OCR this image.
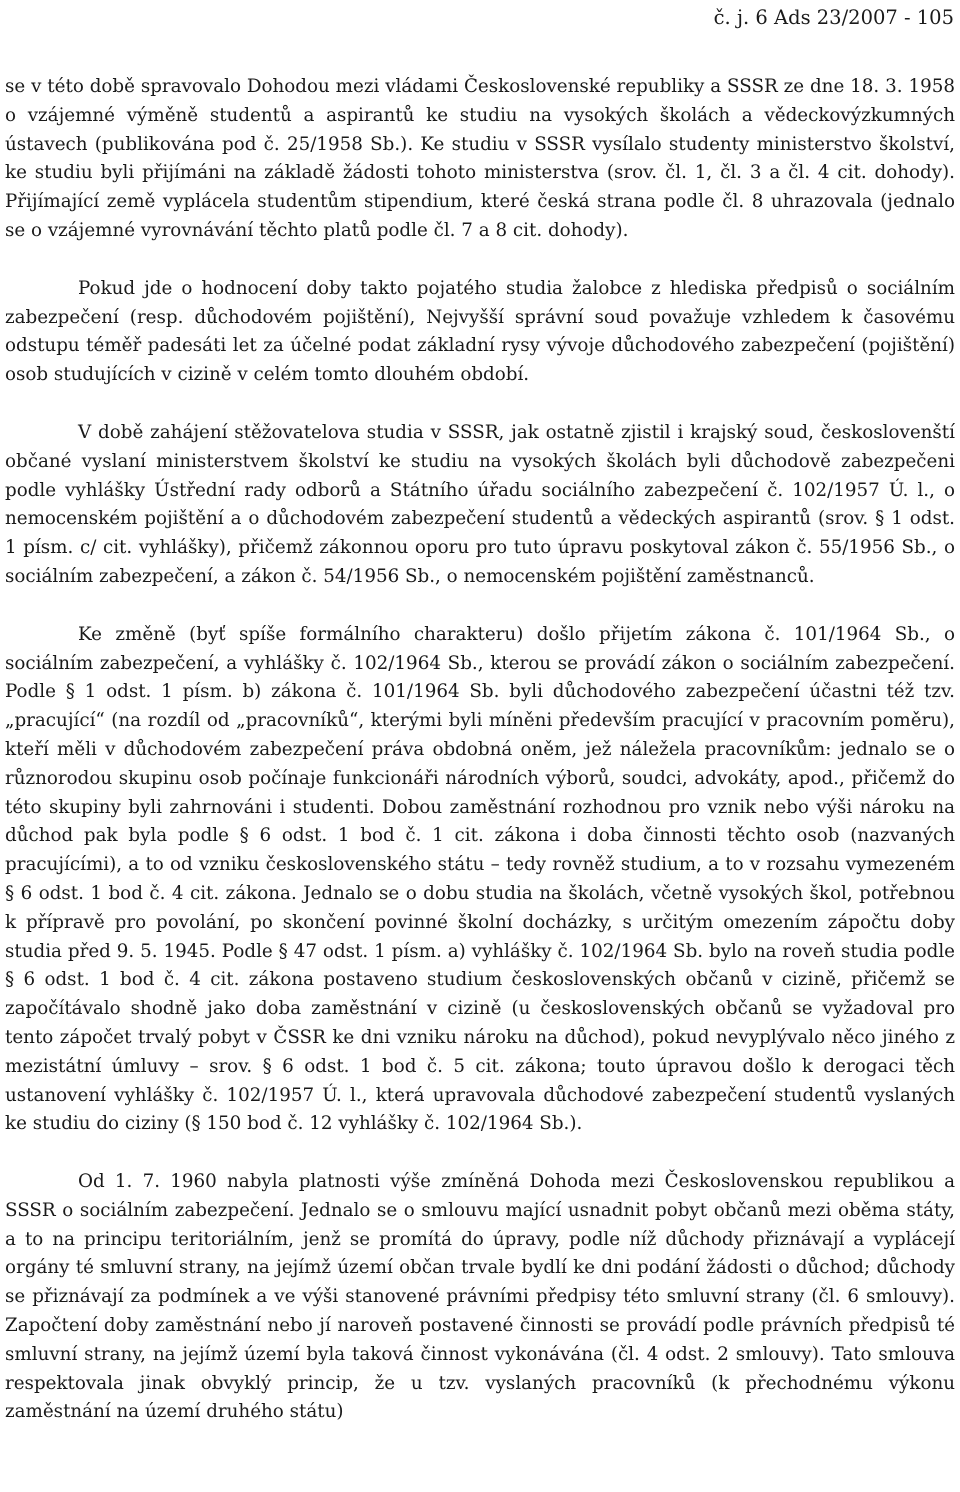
č. j. 6 Ads 23/2007 - 105

se v této době spravovalo Dohodou mezi vládami Československé republiky a SSSR ze dne 18. 3. 1958 o vzájemné výměně studentů a aspirantů ke studiu na vysokých školách a vědeckovýzkumných ústavech (publikována pod č. 25/1958 Sb.). Ke studiu v SSSR vysílalo studenty ministerstvo školství, ke studiu byli přijímáni na základě žádosti tohoto ministerstva (srov. čl. 1, čl. 3 a čl. 4 cit. dohody). Přijímající země vyplácela studentům stipendium, které česká strana podle čl. 8 uhrazovala (jednalo se o vzájemné vyrovnávání těchto platů podle čl. 7 a 8 cit. dohody).

Pokud jde o hodnocení doby takto pojatého studia žalobce z hlediska předpisů o sociálním zabezpečení (resp. důchodovém pojištění), Nejvyšší správní soud považuje vzhledem k časovému odstupu téměř padesáti let za účelné podat základní rysy vývoje důchodového zabezpečení (pojištění) osob studujících v cizině v celém tomto dlouhém období.

V době zahájení stěžovatelova studia v SSSR, jak ostatně zjistil i krajský soud, českoslovenští občané vyslaní ministerstvem školství ke studiu na vysokých školách byli důchodově zabezpečeni podle vyhlášky Ústřední rady odborů a Státního úřadu sociálního zabezpečení č. 102/1957 Ú. l., o nemocenském pojištění a o důchodovém zabezpečení studentů a vědeckých aspirantů (srov. § 1 odst. 1 písm. c/ cit. vyhlášky), přičemž zákonnou oporu pro tuto úpravu poskytoval zákon č. 55/1956 Sb., o sociálním zabezpečení, a zákon č. 54/1956 Sb., o nemocenském pojištění zaměstnanců.

Ke změně (byť spíše formálního charakteru) došlo přijetím zákona č. 101/1964 Sb., o sociálním zabezpečení, a vyhlášky č. 102/1964 Sb., kterou se provádí zákon o sociálním zabezpečení. Podle § 1 odst. 1 písm. b) zákona č. 101/1964 Sb. byli důchodového zabezpečení účastni též tzv. „pracující“ (na rozdíl od „pracovníků“, kterými byli míněni především pracující v pracovním poměru), kteří měli v důchodovém zabezpečení práva obdobná oněm, jež náležela pracovníkům: jednalo se o různorodou skupinu osob počínaje funkcionáři národních výborů, soudci, advokáty, apod., přičemž do této skupiny byli zahrnováni i studenti. Dobou zaměstnání rozhodnou pro vznik nebo výši nároku na důchod pak byla podle § 6 odst. 1 bod č. 1 cit. zákona i doba činnosti těchto osob (nazvaných pracujícími), a to od vzniku československého státu – tedy rovněž studium, a to v rozsahu vymezeném § 6 odst. 1 bod č. 4 cit. zákona. Jednalo se o dobu studia na školách, včetně vysokých škol, potřebnou k přípravě pro povolání, po skončení povinné školní docházky, s určitým omezením zápočtu doby studia před 9. 5. 1945. Podle § 47 odst. 1 písm. a) vyhlášky č. 102/1964 Sb. bylo na roveň studia podle § 6 odst. 1 bod č. 4 cit. zákona postaveno studium československých občanů v cizině, přičemž se započítávalo shodně jako doba zaměstnání v cizině (u československých občanů se vyžadoval pro tento zápočet trvalý pobyt v ČSSR ke dni vzniku nároku na důchod), pokud nevyplývalo něco jiného z mezistátní úmluvy – srov. § 6 odst. 1 bod č. 5 cit. zákona; touto úpravou došlo k derogaci těch ustanovení vyhlášky č. 102/1957 Ú. l., která upravovala důchodové zabezpečení studentů vyslaných ke studiu do ciziny (§ 150 bod č. 12 vyhlášky č. 102/1964 Sb.).

Od 1. 7. 1960 nabyla platnosti výše zmíněná Dohoda mezi Československou republikou a SSSR o sociálním zabezpečení. Jednalo se o smlouvu mající usnadnit pobyt občanů mezi oběma státy, a to na principu teritoriálním, jenž se promítá do úpravy, podle níž důchody přiznávají a vyplácejí orgány té smluvní strany, na jejímž území občan trvale bydlí ke dni podání žádosti o důchod; důchody se přiznávají za podmínek a ve výši stanovené právními předpisy této smluvní strany (čl. 6 smlouvy). Započtení doby zaměstnání nebo jí naroveň postavené činnosti se provádí podle právních předpisů té smluvní strany, na jejímž území byla taková činnost vykonávána (čl. 4 odst. 2 smlouvy). Tato smlouva respektovala jinak obvyklý princip, že u tzv. vyslaných pracovníků (k přechodnému výkonu zaměstnání na území druhého státu)
